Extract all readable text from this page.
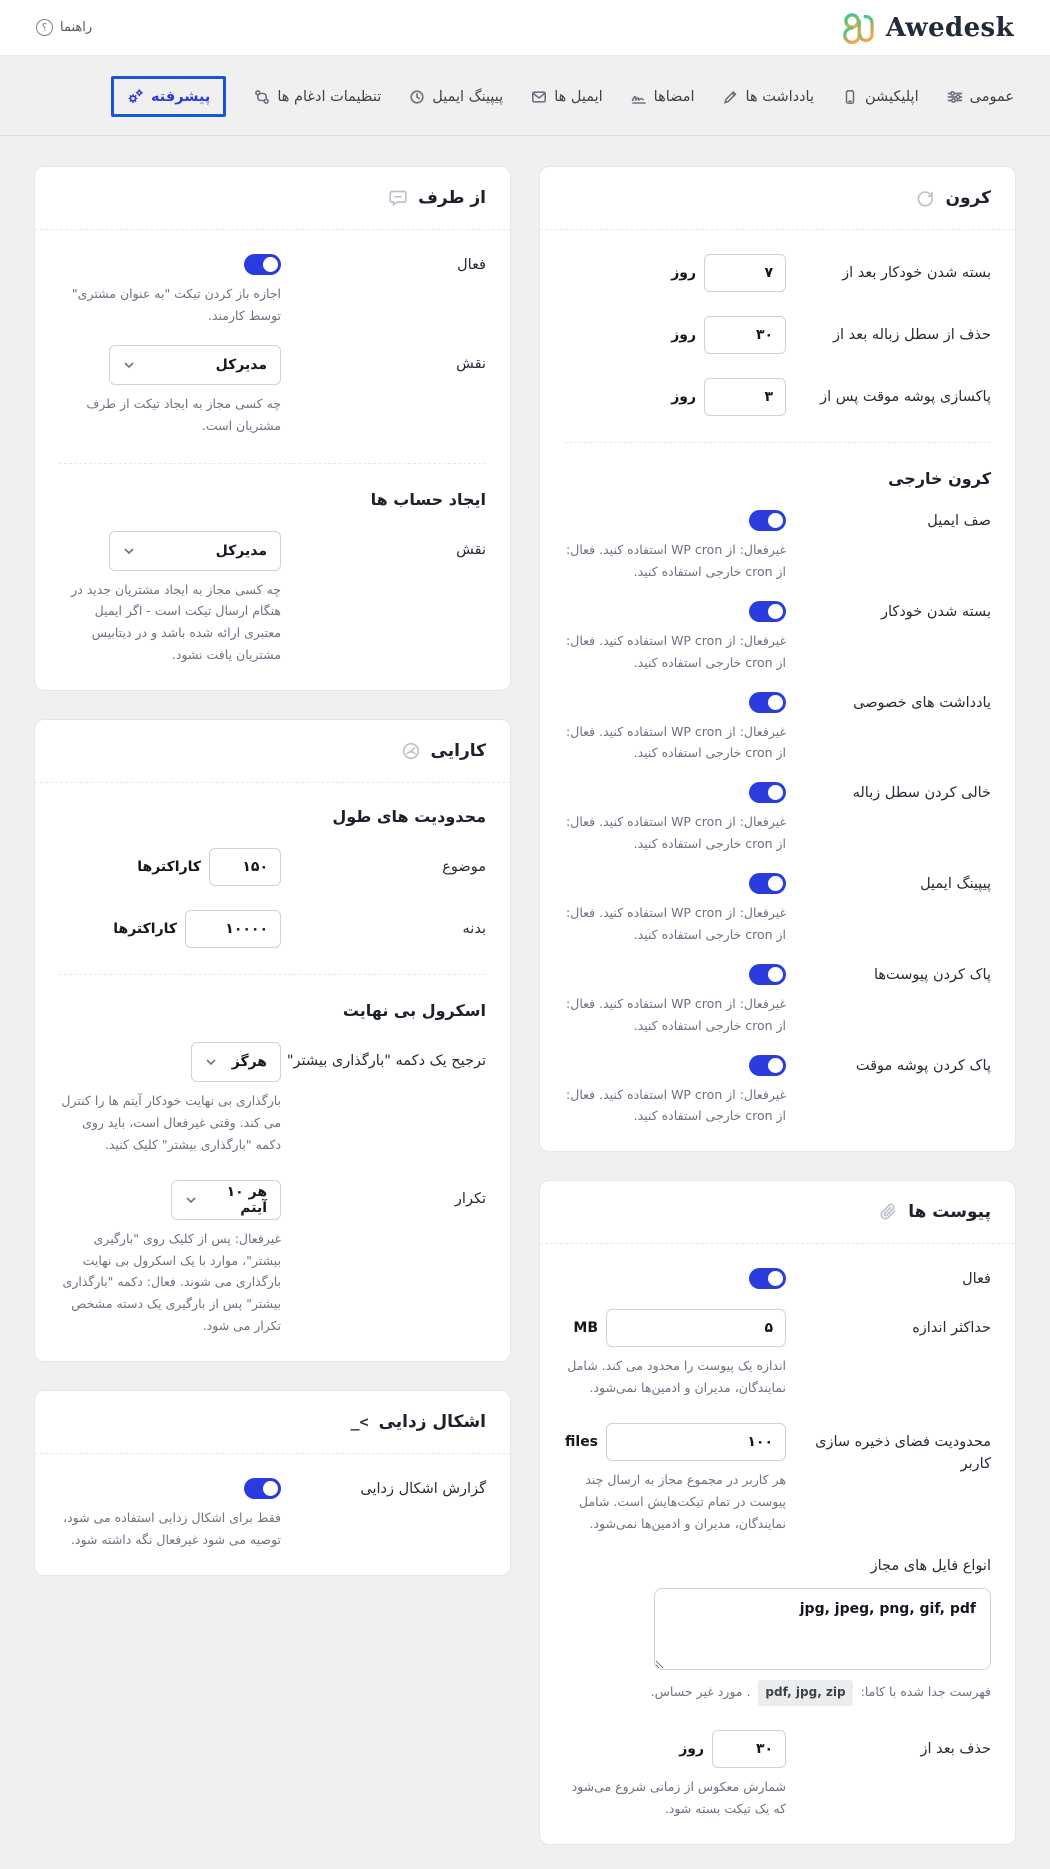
Awedesk
راهنما
؟
عمومی
اپلیکیشن
یادداشت ها
امضاها
ایمیل ها
پیپینگ ایمیل
تنظیمات ادغام ها
پیشرفته
کرون
بسته شدن خودکار بعد از
۷
روز
حذف از سطل زباله بعد از
۳۰
روز
پاکسازی پوشه موقت پس از
۳
روز
کرون خارجی
صف ایمیل
غیرفعال: از WP cron استفاده کنید. فعال: از cron خارجی استفاده کنید.
بسته شدن خودکار
غیرفعال: از WP cron استفاده کنید. فعال: از cron خارجی استفاده کنید.
یادداشت های خصوصی
غیرفعال: از WP cron استفاده کنید. فعال: از cron خارجی استفاده کنید.
خالی کردن سطل زباله
غیرفعال: از WP cron استفاده کنید. فعال: از cron خارجی استفاده کنید.
پیپینگ ایمیل
غیرفعال: از WP cron استفاده کنید. فعال: از cron خارجی استفاده کنید.
پاک کردن پیوست‌ها
غیرفعال: از WP cron استفاده کنید. فعال: از cron خارجی استفاده کنید.
پاک کردن پوشه موقت
غیرفعال: از WP cron استفاده کنید. فعال: از cron خارجی استفاده کنید.
پیوست ها
فعال
حداکثر اندازه
۵
MB
اندازه یک پیوست را محدود می کند. شامل نمایندگان، مدیران و ادمین‌ها نمی‌شود.
محدودیت فضای ذخیره سازی کاربر
۱۰۰
files
هر کاربر در مجموع مجاز به ارسال چند پیوست در تمام تیکت‌هایش است. شامل نمایندگان، مدیران و ادمین‌ها نمی‌شود.
انواع فایل های مجاز
jpg, jpeg, png, gif, pdf
فهرست جدا شده با کاما: pdf, jpg, zip . مورد غیر حساس.
حذف بعد از
۳۰
روز
شمارش معکوس از زمانی شروع می‌شود که یک تیکت بسته شود.
از طرف
فعال
اجازه باز کردن تیکت "به عنوان مشتری" توسط کارمند.
نقش
مدیرکل
چه کسی مجاز به ایجاد تیکت از طرف مشتریان است.
ایجاد حساب ها
نقش
مدیرکل
چه کسی مجاز به ایجاد مشتریان جدید در هنگام ارسال تیکت است - اگر ایمیل معتبری ارائه شده باشد و در دیتابیس مشتریان یافت نشود.
کارایی
محدودیت های طول
موضوع
۱۵۰
کاراکترها
بدنه
۱۰۰۰۰
کاراکترها
اسکرول بی نهایت
ترجیح یک دکمه "بارگذاری بیشتر"
هرگز
بارگذاری بی نهایت خودکار آیتم ها را کنترل می کند. وقتی غیرفعال است، باید روی دکمه "بارگذاری بیشتر" کلیک کنید.
تکرار
هر ۱۰ آیتم
غیرفعال: پس از کلیک روی "بارگیری بیشتر"، موارد با یک اسکرول بی نهایت بارگذاری می شوند. فعال: دکمه "بارگذاری بیشتر" پس از بارگیری یک دسته مشخص تکرار می شود.
اشکال زدایی
>_
گزارش اشکال زدایی
فقط برای اشکال زدایی استفاده می شود، توصیه می شود غیرفعال نگه داشته شود.
